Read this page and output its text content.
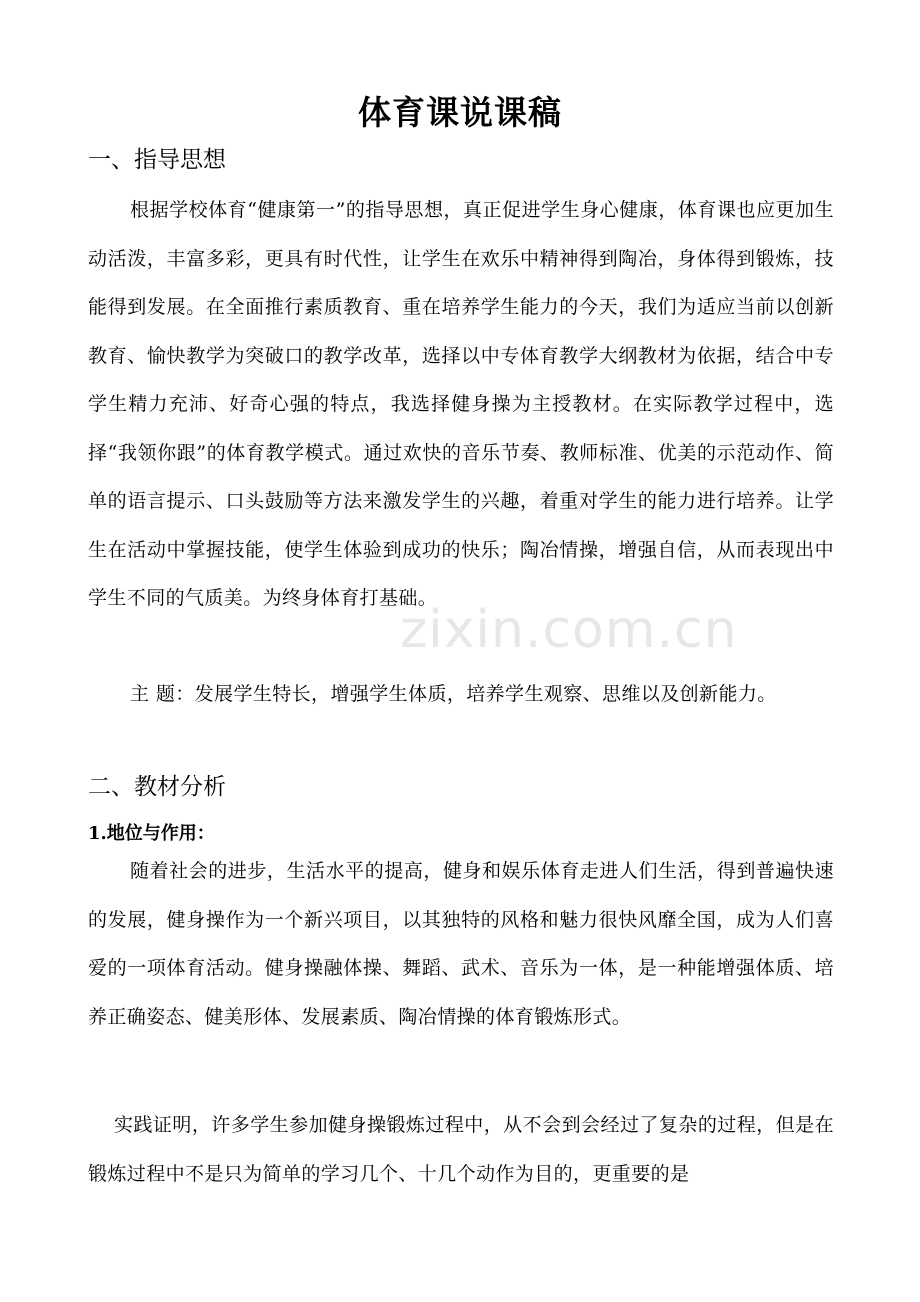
体育课说课稿
一、指导思想

根据学校体育“健康第一”的指导思想，真正促进学生身心健康，体育课也应更加生动活泼，丰富多彩，更具有时代性，让学生在欢乐中精神得到陶冶，身体得到锻炼，技能得到发展。在全面推行素质教育、重在培养学生能力的今天，我们为适应当前以创新教育、愉快教学为突破口的教学改革，选择以中专体育教学大纲教材为依据，结合中专学生精力充沛、好奇心强的特点，我选择健身操为主授教材。在实际教学过程中，选择“我领你跟”的体育教学模式。通过欢快的音乐节奏、教师标准、优美的示范动作、简单的语言提示、口头鼓励等方法来激发学生的兴趣，着重对学生的能力进行培养。让学生在活动中掌握技能，使学生体验到成功的快乐；陶冶情操，增强自信，从而表现出中学生不同的气质美。为终身体育打基础。

主 题：发展学生特长，增强学生体质，培养学生观察、思维以及创新能力。

二、教材分析
1.地位与作用：

随着社会的进步，生活水平的提高，健身和娱乐体育走进人们生活，得到普遍快速的发展，健身操作为一个新兴项目，以其独特的风格和魅力很快风靡全国，成为人们喜爱的一项体育活动。健身操融体操、舞蹈、武术、音乐为一体，是一种能增强体质、培养正确姿态、健美形体、发展素质、陶冶情操的体育锻炼形式。

实践证明，许多学生参加健身操锻炼过程中，从不会到会经过了复杂的过程，但是在锻炼过程中不是只为简单的学习几个、十几个动作为目的，更重要的是

zixin.com.cn
